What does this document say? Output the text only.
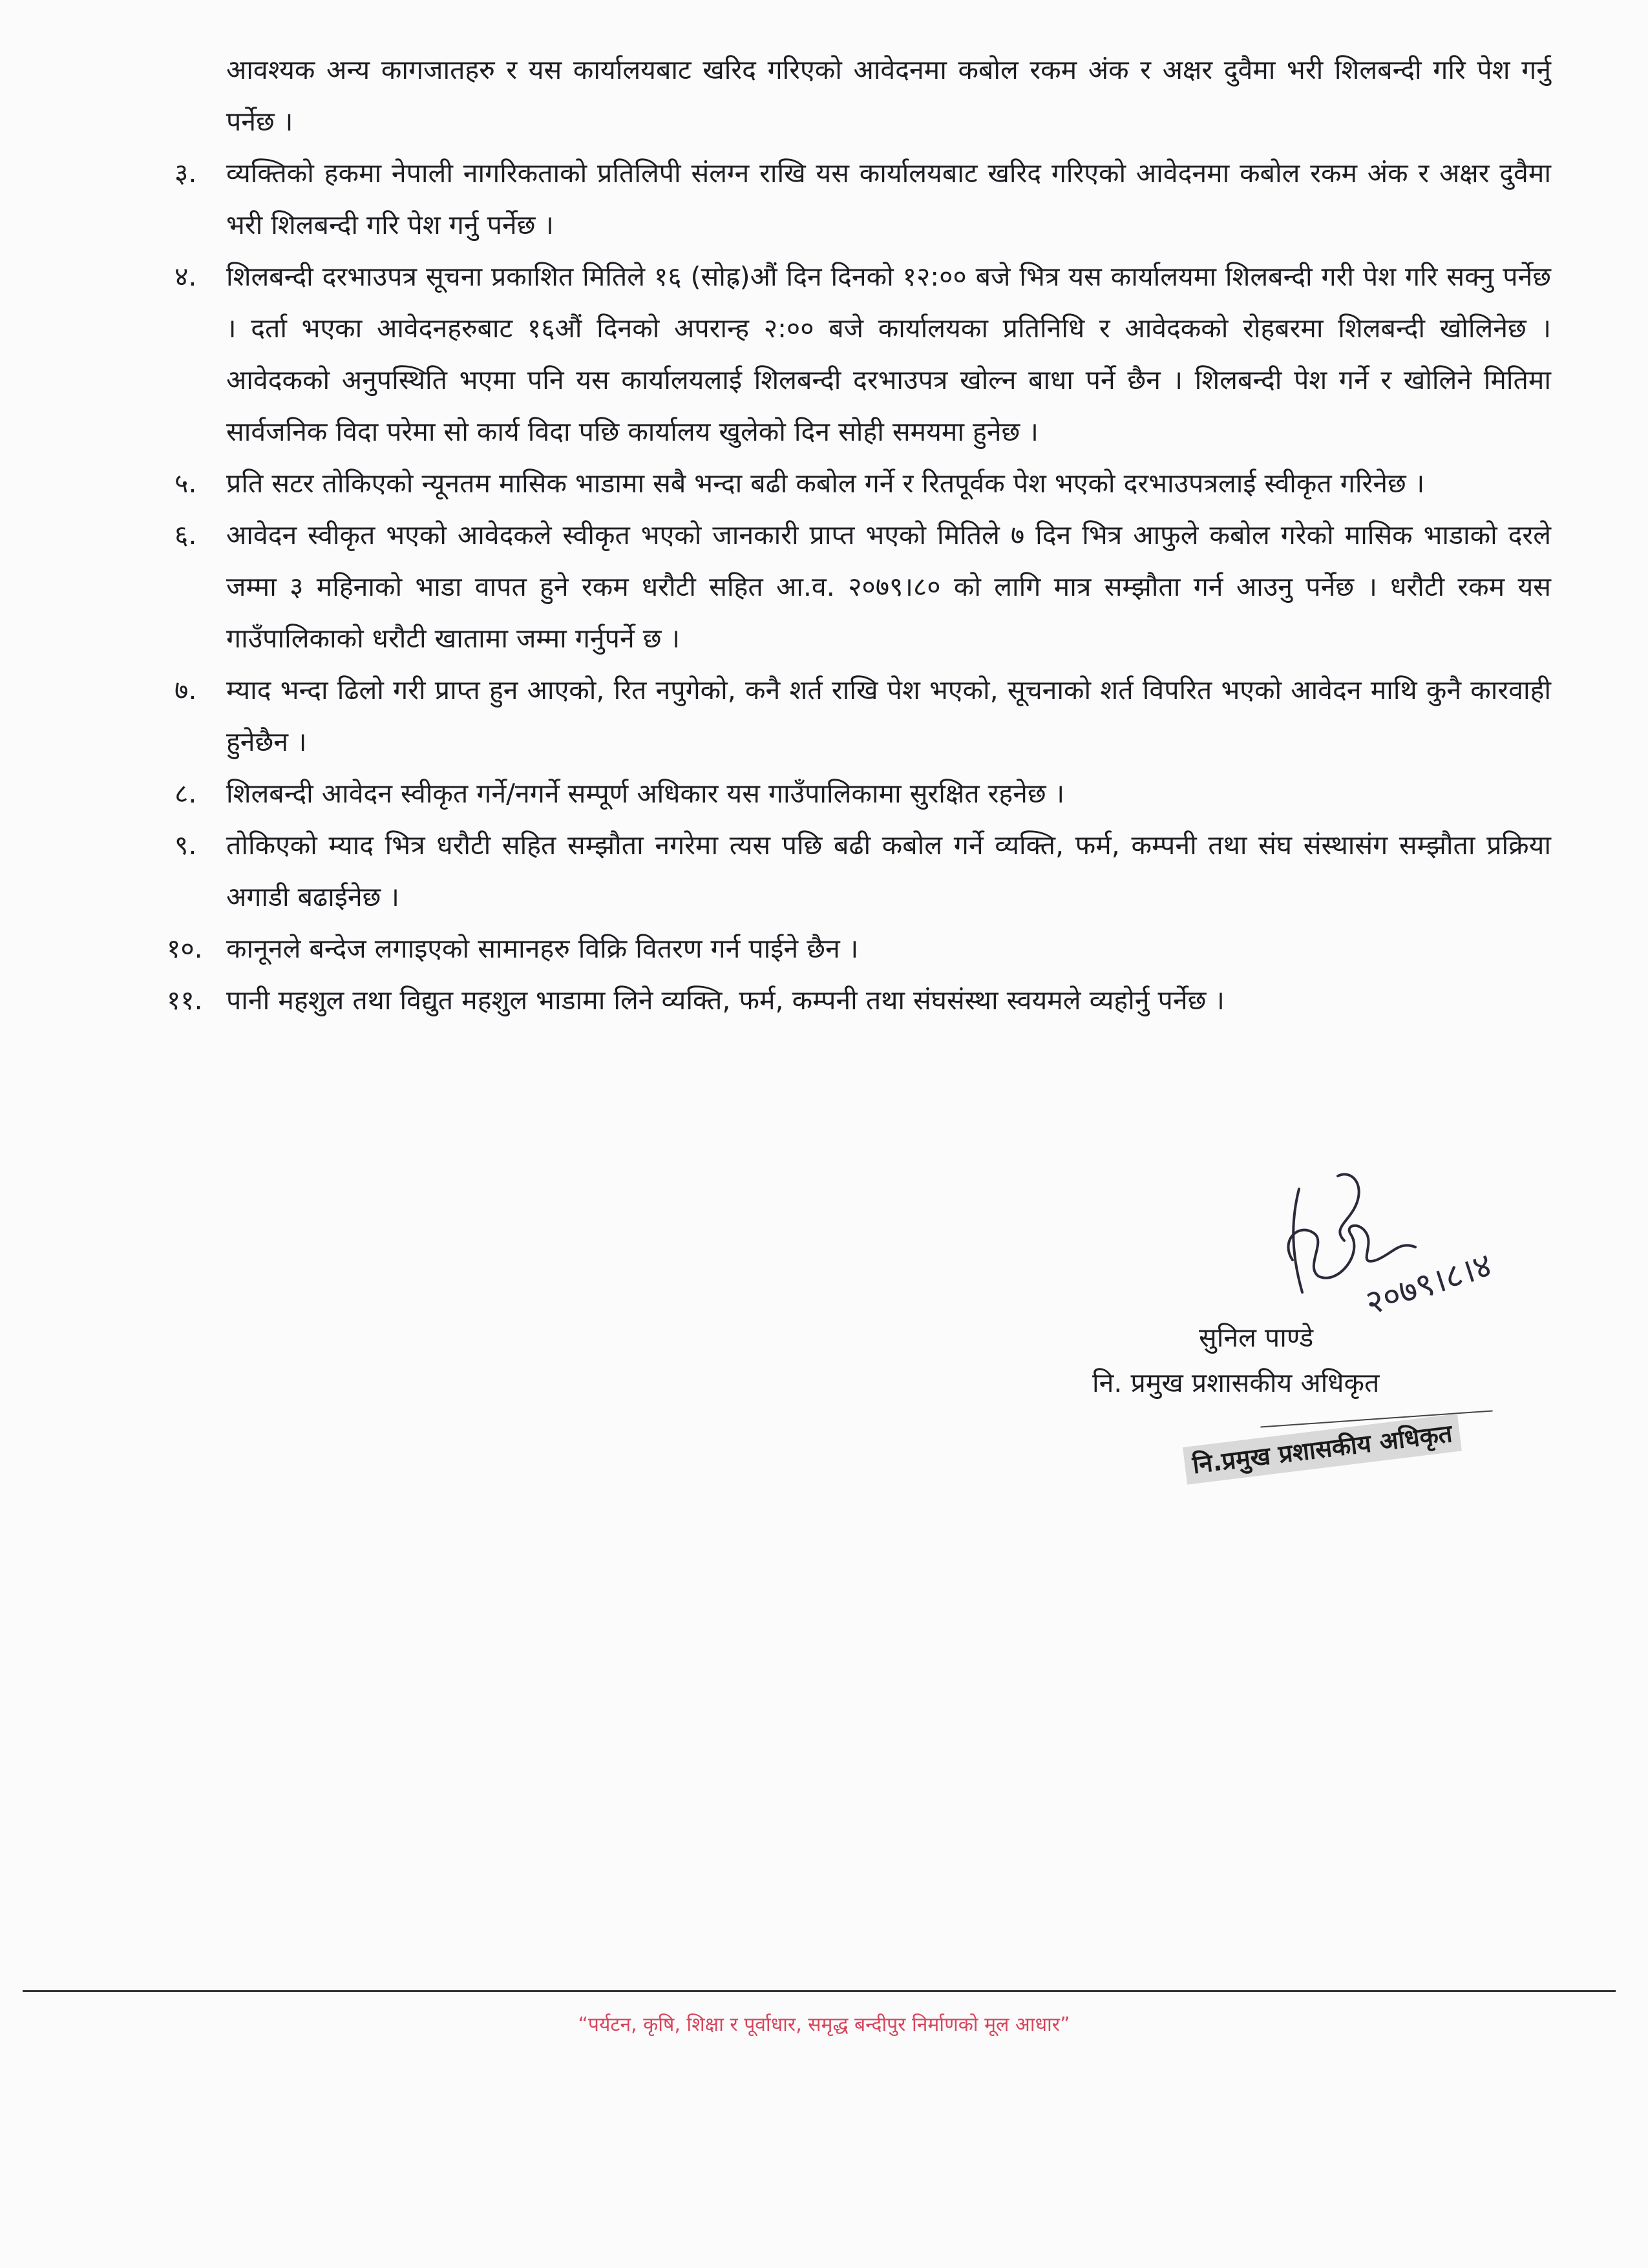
आवश्यक अन्य कागजातहरु र यस कार्यालयबाट खरिद गरिएको आवेदनमा कबोल रकम अंक र अक्षर दुवैमा भरी शिलबन्दी गरि पेश गर्नु पर्नेछ ।

३.	व्यक्तिको हकमा नेपाली नागरिकताको प्रतिलिपी संलग्न राखि यस कार्यालयबाट खरिद गरिएको आवेदनमा कबोल रकम अंक र अक्षर दुवैमा भरी शिलबन्दी गरि पेश गर्नु पर्नेछ ।

४.	शिलबन्दी दरभाउपत्र सूचना प्रकाशित मितिले १६ (सोह्र)औं दिन दिनको १२:०० बजे भित्र यस कार्यालयमा शिलबन्दी गरी पेश गरि सक्नु पर्नेछ । दर्ता भएका आवेदनहरुबाट १६औं दिनको अपरान्ह २:०० बजे कार्यालयका प्रतिनिधि र आवेदकको रोहबरमा शिलबन्दी खोलिनेछ । आवेदकको अनुपस्थिति भएमा पनि यस कार्यालयलाई शिलबन्दी दरभाउपत्र खोल्न बाधा पर्ने छैन । शिलबन्दी पेश गर्ने र खोलिने मितिमा सार्वजनिक विदा परेमा सो कार्य विदा पछि कार्यालय खुलेको दिन सोही समयमा हुनेछ ।

५.	प्रति सटर तोकिएको न्यूनतम मासिक भाडामा सबै भन्दा बढी कबोल गर्ने र रितपूर्वक पेश भएको दरभाउपत्रलाई स्वीकृत गरिनेछ ।

६.	आवेदन स्वीकृत भएको आवेदकले स्वीकृत भएको जानकारी प्राप्त भएको मितिले ७ दिन भित्र आफुले कबोल गरेको मासिक भाडाको दरले जम्मा ३ महिनाको भाडा वापत हुने रकम धरौटी सहित आ.व. २०७९।८० को लागि मात्र सम्झौता गर्न आउनु पर्नेछ । धरौटी रकम यस गाउँपालिकाको धरौटी खातामा जम्मा गर्नुपर्ने छ ।

७.	म्याद भन्दा ढिलो गरी प्राप्त हुन आएको, रित नपुगेको, कनै शर्त राखि पेश भएको, सूचनाको शर्त विपरित भएको आवेदन माथि कुनै कारवाही हुनेछैन ।

८.	शिलबन्दी आवेदन स्वीकृत गर्ने/नगर्ने सम्पूर्ण अधिकार यस गाउँपालिकामा सुरक्षित रहनेछ ।

९.	तोकिएको म्याद भित्र धरौटी सहित सम्झौता नगरेमा त्यस पछि बढी कबोल गर्ने व्यक्ति, फर्म, कम्पनी तथा संघ संस्थासंग सम्झौता प्रक्रिया अगाडी बढाईनेछ ।

१०. कानूनले बन्देज लगाइएको सामानहरु विक्रि वितरण गर्न पाईने छैन ।

११. पानी महशुल तथा विद्युत महशुल भाडामा लिने व्यक्ति, फर्म, कम्पनी तथा संघसंस्था स्वयमले व्यहोर्नु पर्नेछ ।

२०७९।८।४
सुनिल पाण्डे
नि. प्रमुख प्रशासकीय अधिकृत
नि.प्रमुख प्रशासकीय अधिकृत
“पर्यटन, कृषि, शिक्षा र पूर्वाधार, समृद्ध बन्दीपुर निर्माणको मूल आधार”
